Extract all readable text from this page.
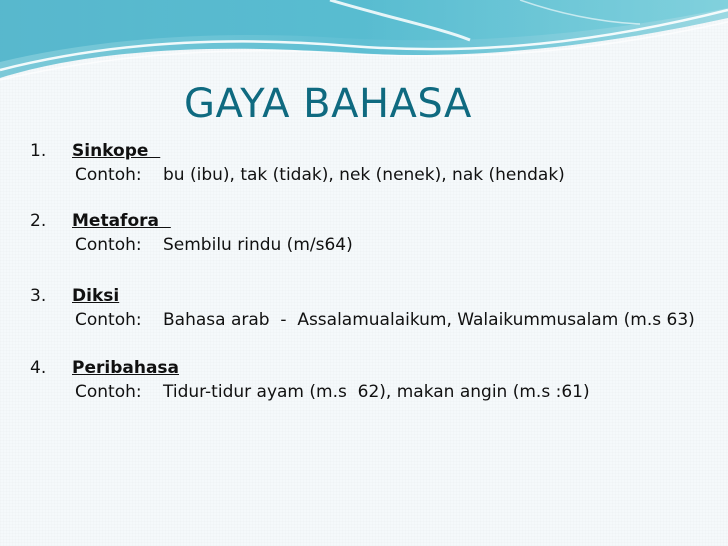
GAYA BAHASA
1. Sinkope
Contoh: bu (ibu), tak (tidak), nek (nenek), nak (hendak)
2. Metafora
Contoh: Sembilu rindu (m/s64)
3. Diksi
Contoh: Bahasa arab  -  Assalamualaikum, Walaikummusalam (m.s 63)
4. Peribahasa
Contoh: Tidur-tidur ayam (m.s  62), makan angin (m.s :61)
